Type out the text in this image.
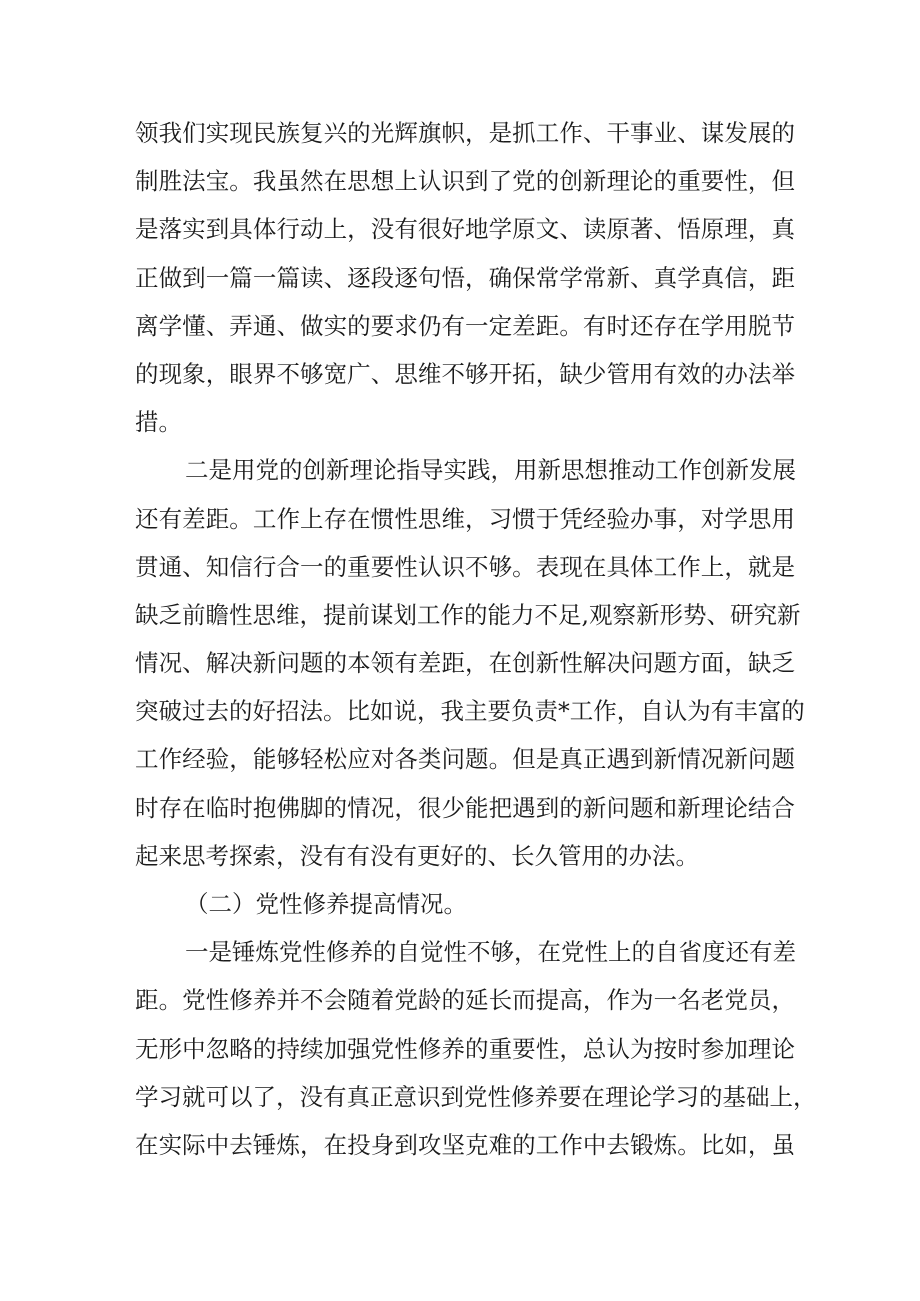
领我们实现民族复兴的光辉旗帜，是抓工作、干事业、谋发展的
制胜法宝。我虽然在思想上认识到了党的创新理论的重要性，但
是落实到具体行动上，没有很好地学原文、读原著、悟原理，真
正做到一篇一篇读、逐段逐句悟，确保常学常新、真学真信，距
离学懂、弄通、做实的要求仍有一定差距。有时还存在学用脱节
的现象，眼界不够宽广、思维不够开拓，缺少管用有效的办法举
措。
二是用党的创新理论指导实践，用新思想推动工作创新发展
还有差距。工作上存在惯性思维，习惯于凭经验办事，对学思用
贯通、知信行合一的重要性认识不够。表现在具体工作上，就是
缺乏前瞻性思维，提前谋划工作的能力不足,观察新形势、研究新
情况、解决新问题的本领有差距，在创新性解决问题方面，缺乏
突破过去的好招法。比如说，我主要负责*工作，自认为有丰富的
工作经验，能够轻松应对各类问题。但是真正遇到新情况新问题
时存在临时抱佛脚的情况，很少能把遇到的新问题和新理论结合
起来思考探索，没有有没有更好的、长久管用的办法。
（二）党性修养提高情况。
一是锤炼党性修养的自觉性不够，在党性上的自省度还有差
距。党性修养并不会随着党龄的延长而提高，作为一名老党员，
无形中忽略的持续加强党性修养的重要性，总认为按时参加理论
学习就可以了，没有真正意识到党性修养要在理论学习的基础上，
在实际中去锤炼，在投身到攻坚克难的工作中去锻炼。比如，虽
